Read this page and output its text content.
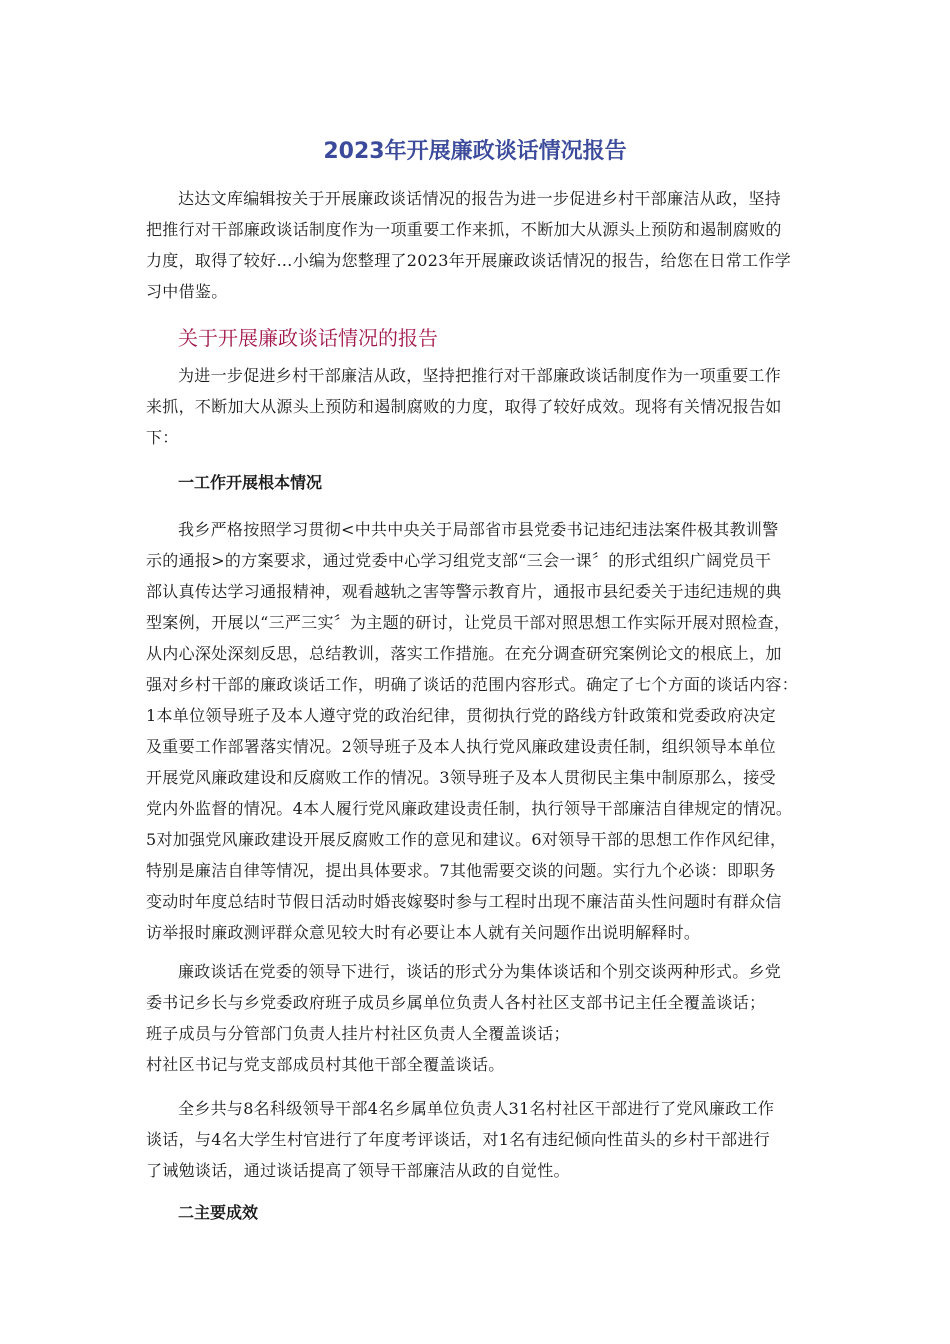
2023年开展廉政谈话情况报告

达达文库编辑按关于开展廉政谈话情况的报告为进一步促进乡村干部廉洁从政，坚持
把推行对干部廉政谈话制度作为一项重要工作来抓，不断加大从源头上预防和遏制腐败的
力度，取得了较好…小编为您整理了2023年开展廉政谈话情况的报告，给您在日常工作学
习中借鉴。

关于开展廉政谈话情况的报告

为进一步促进乡村干部廉洁从政，坚持把推行对干部廉政谈话制度作为一项重要工作
来抓，不断加大从源头上预防和遏制腐败的力度，取得了较好成效。现将有关情况报告如
下：

一工作开展根本情况

我乡严格按照学习贯彻<中共中央关于局部省市县党委书记违纪违法案件极其教训警
示的通报>的方案要求，通过党委中心学习组党支部“三会一课〞的形式组织广阔党员干
部认真传达学习通报精神，观看越轨之害等警示教育片，通报市县纪委关于违纪违规的典
型案例，开展以“三严三实〞为主题的研讨，让党员干部对照思想工作实际开展对照检查，
从内心深处深刻反思，总结教训，落实工作措施。在充分调查研究案例论文的根底上，加
强对乡村干部的廉政谈话工作，明确了谈话的范围内容形式。确定了七个方面的谈话内容：
1本单位领导班子及本人遵守党的政治纪律，贯彻执行党的路线方针政策和党委政府决定
及重要工作部署落实情况。2领导班子及本人执行党风廉政建设责任制，组织领导本单位
开展党风廉政建设和反腐败工作的情况。3领导班子及本人贯彻民主集中制原那么，接受
党内外监督的情况。4本人履行党风廉政建设责任制，执行领导干部廉洁自律规定的情况。
5对加强党风廉政建设开展反腐败工作的意见和建议。6对领导干部的思想工作作风纪律，
特别是廉洁自律等情况，提出具体要求。7其他需要交谈的问题。实行九个必谈：即职务
变动时年度总结时节假日活动时婚丧嫁娶时参与工程时出现不廉洁苗头性问题时有群众信
访举报时廉政测评群众意见较大时有必要让本人就有关问题作出说明解释时。

廉政谈话在党委的领导下进行，谈话的形式分为集体谈话和个别交谈两种形式。乡党
委书记乡长与乡党委政府班子成员乡属单位负责人各村社区支部书记主任全覆盖谈话；
班子成员与分管部门负责人挂片村社区负责人全覆盖谈话；
村社区书记与党支部成员村其他干部全覆盖谈话。

全乡共与8名科级领导干部4名乡属单位负责人31名村社区干部进行了党风廉政工作
谈话，与4名大学生村官进行了年度考评谈话，对1名有违纪倾向性苗头的乡村干部进行
了诫勉谈话，通过谈话提高了领导干部廉洁从政的自觉性。

二主要成效
